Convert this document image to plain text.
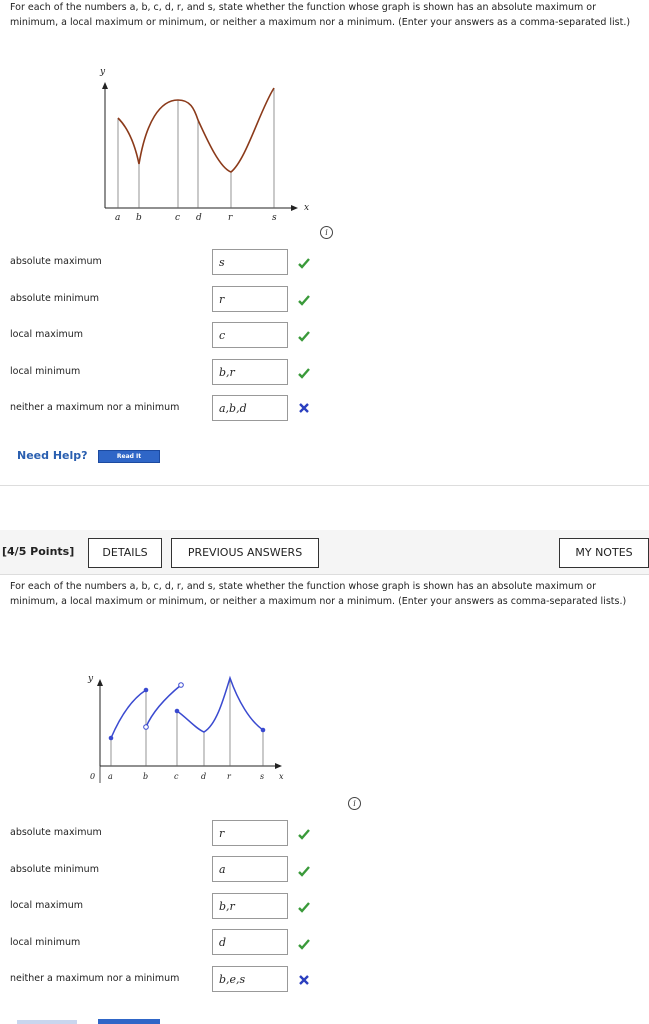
For each of the numbers a, b, c, d, r, and s, state whether the function whose graph is shown has an absolute maximum or minimum, a local maximum or minimum, or neither a maximum nor a minimum. (Enter your answers as a comma-separated list.)
y
x
a b	c d	r	s
i
absolute maximum	s
absolute minimum	r
local maximum	c
local minimum	b,r
neither a maximum nor a minimum	a,b,d
Need Help?	Read It
[4/5 Points]	DETAILS	PREVIOUS ANSWERS	MY NOTES
For each of the numbers a, b, c, d, r, and s, state whether the function whose graph is shown has an absolute maximum or minimum, a local maximum or minimum, or neither a maximum nor a minimum. (Enter your answers as comma-separated lists.)
y
x
0 a	b	c	d	r	s
i
absolute maximum	r
absolute minimum	a
local maximum	b,r
local minimum	d
neither a maximum nor a minimum	b,e,s
